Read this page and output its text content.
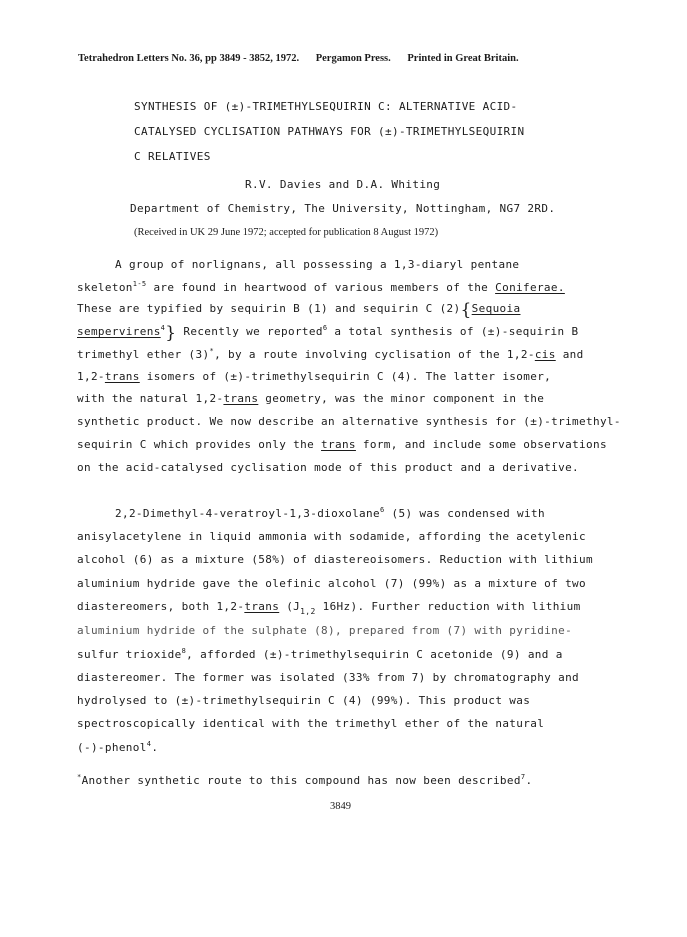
Tetrahedron Letters No. 36, pp 3849 - 3852, 1972. Pergamon Press. Printed in Great Britain.
SYNTHESIS OF (±)-TRIMETHYLSEQUIRIN C: ALTERNATIVE ACID-
CATALYSED CYCLISATION PATHWAYS FOR (±)-TRIMETHYLSEQUIRIN
C RELATIVES
R.V. Davies and D.A. Whiting
Department of Chemistry, The University, Nottingham, NG7 2RD.
(Received in UK 29 June 1972; accepted for publication 8 August 1972)
A group of norlignans, all possessing a 1,3-diaryl pentane
skeleton$^{1-5}$ are found in heartwood of various members of the Coniferae.
These are typified by sequirin B (1) and sequirin C (2){Sequoia
sempervirens$^4$} Recently we reported$^6$ a total synthesis of (±)-sequirin B
trimethyl ether (3)*, by a route involving cyclisation of the 1,2-cis and
1,2-trans isomers of (±)-trimethylsequirin C (4). The latter isomer,
with the natural 1,2-trans geometry, was the minor component in the
synthetic product. We now describe an alternative synthesis for (±)-trimethyl-
sequirin C which provides only the trans form, and include some observations
on the acid-catalysed cyclisation mode of this product and a derivative.
2,2-Dimethyl-4-veratroyl-1,3-dioxolane$^6$ (5) was condensed with
anisylacetylene in liquid ammonia with sodamide, affording the acetylenic
alcohol (6) as a mixture (58%) of diastereoisomers. Reduction with lithium
aluminium hydride gave the olefinic alcohol (7) (99%) as a mixture of two
diastereomers, both 1,2-trans ($J_{1,2}$ 16Hz). Further reduction with lithium
aluminium hydride of the sulphate (8), prepared from (7) with pyridine-
sulfur trioxide$^8$, afforded (±)-trimethylsequirin C acetonide (9) and a
diastereomer. The former was isolated (33% from 7) by chromatography and
hydrolysed to (±)-trimethylsequirin C (4) (99%). This product was
spectroscopically identical with the trimethyl ether of the natural
(-)-phenol$^4$.
*Another synthetic route to this compound has now been described$^7$.
3849
